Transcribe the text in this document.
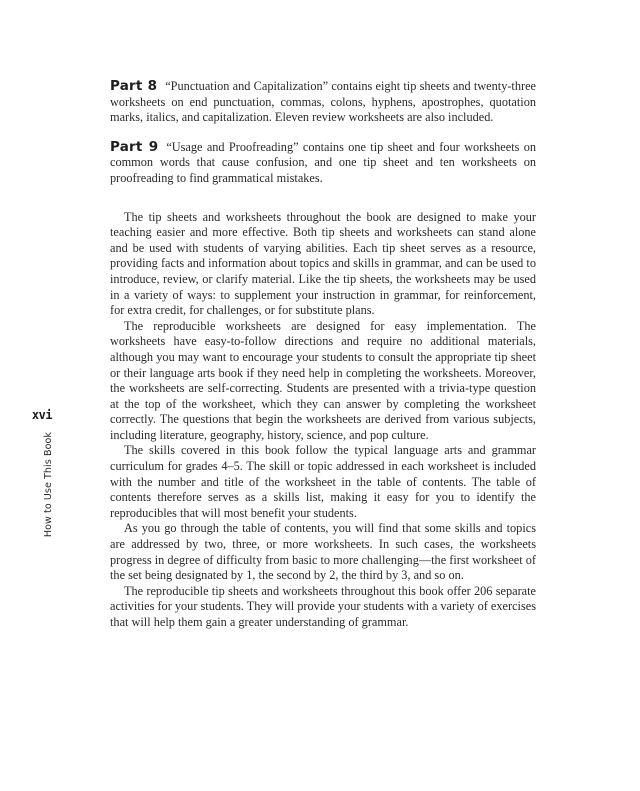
xvi
How to Use This Book

Part 8 “Punctuation and Capitalization” contains eight tip sheets and twenty-three worksheets on end punctuation, commas, colons, hyphens, apostrophes, quotation marks, italics, and capitalization. Eleven review worksheets are also included.

Part 9 “Usage and Proofreading” contains one tip sheet and four worksheets on common words that cause confusion, and one tip sheet and ten worksheets on proofreading to find grammatical mistakes.

The tip sheets and worksheets throughout the book are designed to make your teaching easier and more effective. Both tip sheets and worksheets can stand alone and be used with students of varying abilities. Each tip sheet serves as a resource, providing facts and information about topics and skills in grammar, and can be used to introduce, review, or clarify material. Like the tip sheets, the worksheets may be used in a variety of ways: to supplement your instruction in grammar, for reinforcement, for extra credit, for challenges, or for substitute plans.

The reproducible worksheets are designed for easy implementation. The worksheets have easy-to-follow directions and require no additional materials, although you may want to encourage your students to consult the appropriate tip sheet or their language arts book if they need help in completing the worksheets. Moreover, the worksheets are self-correcting. Students are presented with a trivia-type question at the top of the worksheet, which they can answer by completing the worksheet correctly. The questions that begin the worksheets are derived from various subjects, including literature, geography, history, science, and pop culture.

The skills covered in this book follow the typical language arts and grammar curriculum for grades 4–5. The skill or topic addressed in each worksheet is included with the number and title of the worksheet in the table of contents. The table of contents therefore serves as a skills list, making it easy for you to identify the reproducibles that will most benefit your students.

As you go through the table of contents, you will find that some skills and topics are addressed by two, three, or more worksheets. In such cases, the worksheets progress in degree of difficulty from basic to more challenging—the first worksheet of the set being designated by 1, the second by 2, the third by 3, and so on.

The reproducible tip sheets and worksheets throughout this book offer 206 separate activities for your students. They will provide your students with a variety of exercises that will help them gain a greater understanding of grammar.
